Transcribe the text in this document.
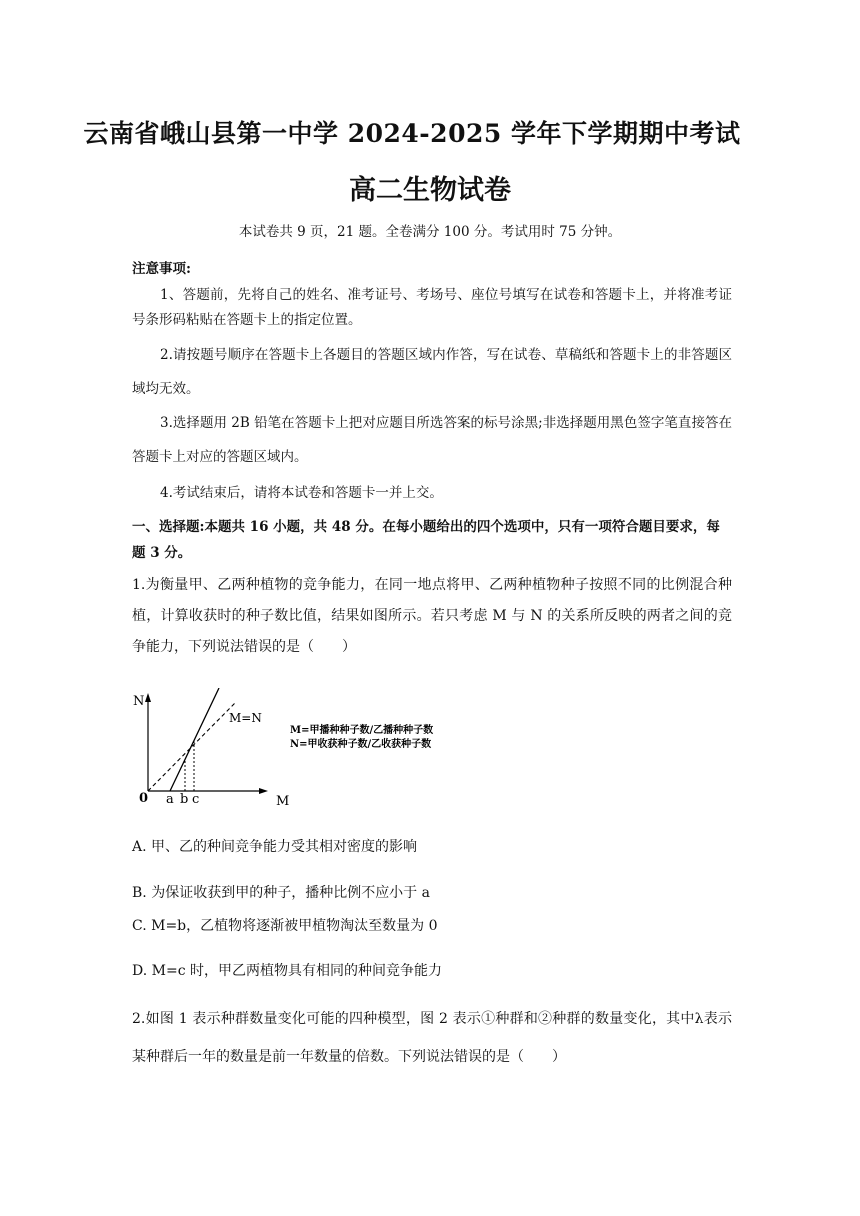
云南省峨山县第一中学 2024-2025 学年下学期期中考试
高二生物试卷
本试卷共 9 页，21 题。全卷满分 100 分。考试用时 75 分钟。
注意事项:
1、答题前，先将自己的姓名、准考证号、考场号、座位号填写在试卷和答题卡上，并将准考证号条形码粘贴在答题卡上的指定位置。
2.请按题号顺序在答题卡上各题目的答题区域内作答，写在试卷、草稿纸和答题卡上的非答题区域均无效。
3.选择题用 2B 铅笔在答题卡上把对应题目所选答案的标号涂黑;非选择题用黑色签字笔直接答在答题卡上对应的答题区域内。
4.考试结束后，请将本试卷和答题卡一并上交。
一、选择题:本题共 16 小题，共 48 分。在每小题给出的四个选项中，只有一项符合题目要求，每题 3 分。
1.为衡量甲、乙两种植物的竞争能力，在同一地点将甲、乙两种植物种子按照不同的比例混合种植，计算收获时的种子数比值，结果如图所示。若只考虑 M 与 N 的关系所反映的两者之间的竞争能力，下列说法错误的是（　　）
N
0 a b c	M
M=N
M=甲播种种子数/乙播种种子数
N=甲收获种子数/乙收获种子数
A. 甲、乙的种间竞争能力受其相对密度的影响
B. 为保证收获到甲的种子，播种比例不应小于 a
C. M=b，乙植物将逐渐被甲植物淘汰至数量为 0
D. M=c 时，甲乙两植物具有相同的种间竞争能力
2.如图 1 表示种群数量变化可能的四种模型，图 2 表示①种群和②种群的数量变化，其中λ表示某种群后一年的数量是前一年数量的倍数。下列说法错误的是（　　）
